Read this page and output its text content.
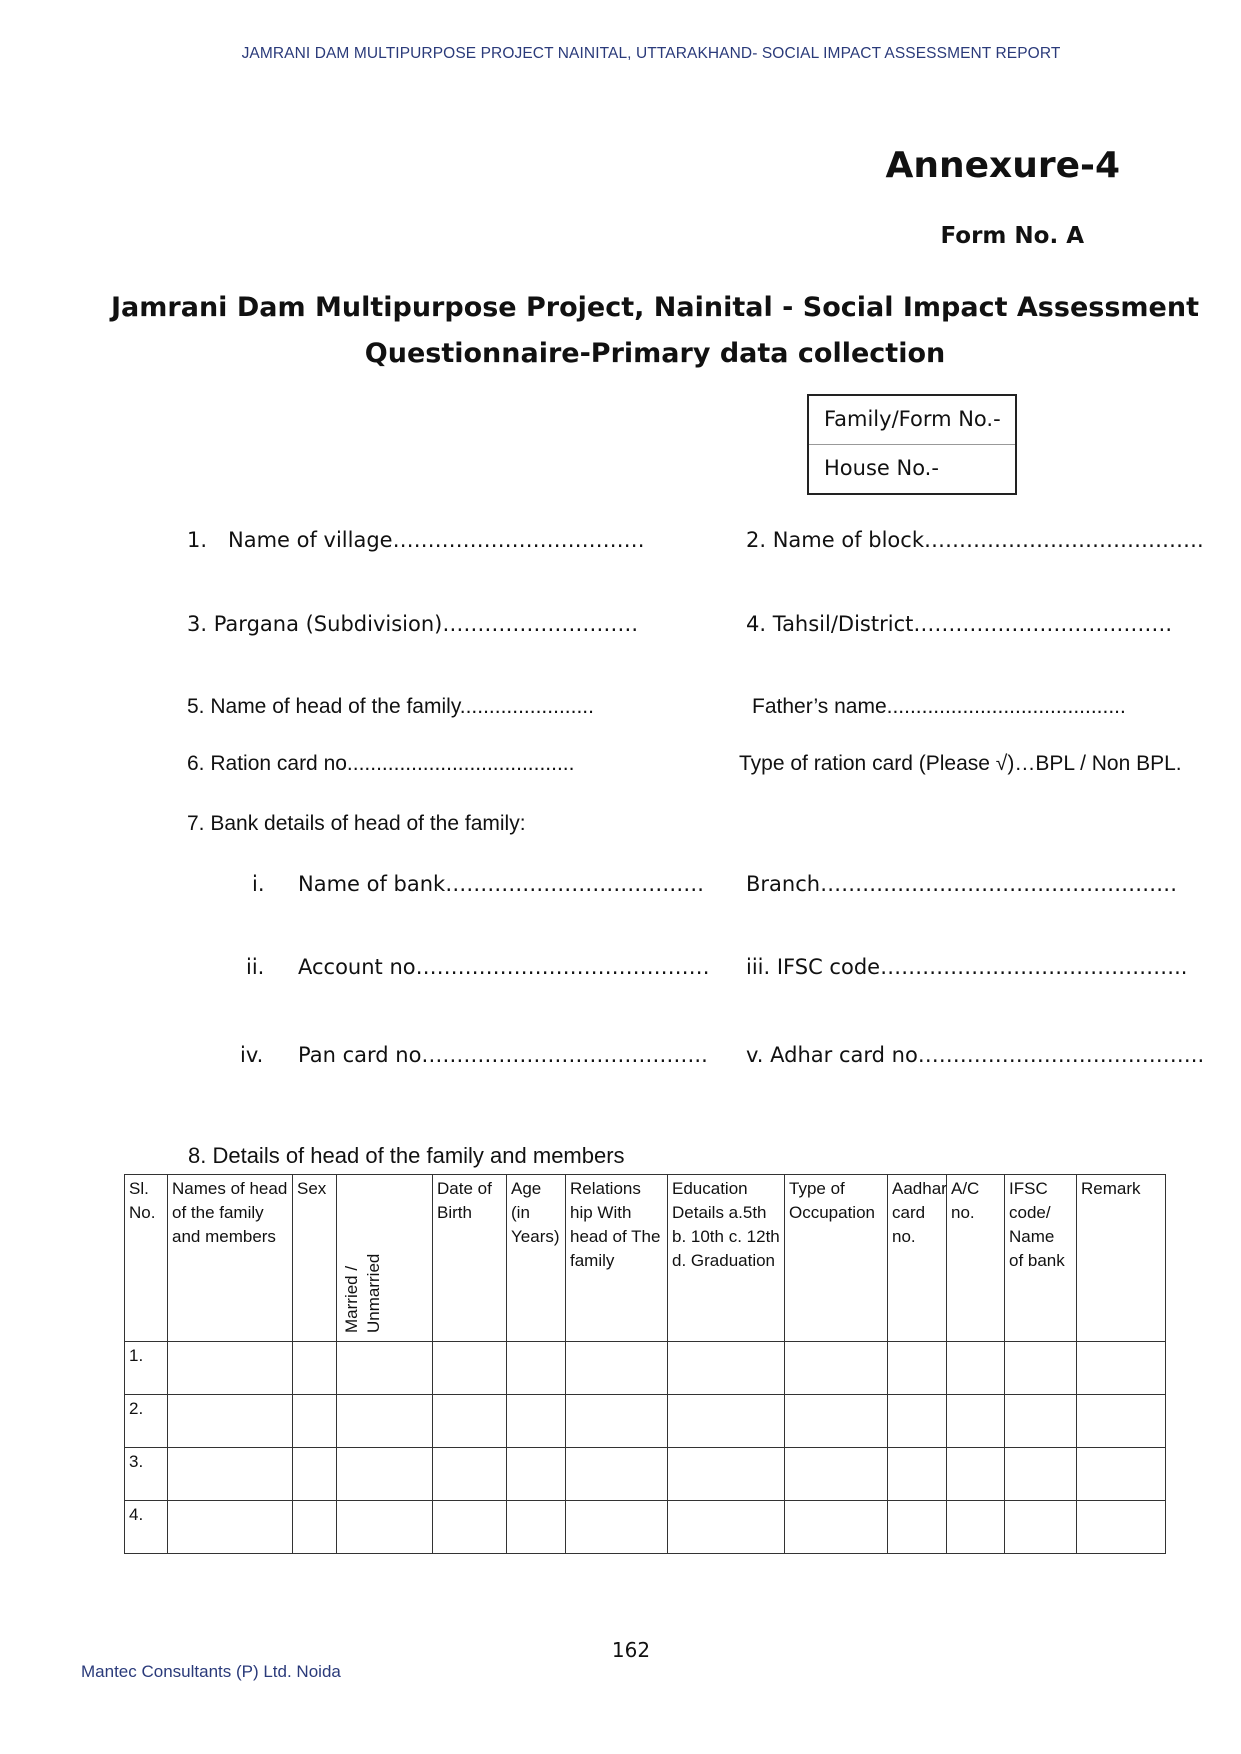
JAMRANI DAM MULTIPURPOSE PROJECT NAINITAL, UTTARAKHAND- SOCIAL IMPACT ASSESSMENT REPORT
Annexure-4
Form No. A
Jamrani Dam Multipurpose Project, Nainital - Social Impact Assessment
Questionnaire-Primary data collection
Family/Form No.-
House No.-
1. Name of village………………………………	2. Name of block………………………………….
3. Pargana (Subdivision)……………………….	4. Tahsil/District……………………………….
5. Name of head of the family.......................	Father’s name.........................................
6. Ration card no.......................................	Type of ration card (Please √)…BPL / Non BPL.
7. Bank details of head of the family:
i. Name of bank………………………………. Branch……………………………………………
ii. Account no…………………………………… iii. IFSC code……………………………………..
iv. Pan card no………………………………….. v. Adhar card no…………………………………..
8. Details of head of the family and members
Sl. No.	Names of head of the family and members	Sex	Married / Unmarried	Date of Birth	Age (in Years)	Relations hip With head of The family	Education Details a.5th b. 10th c. 12th d. Graduation	Type of Occupation	Aadhar card no.	A/C no.	IFSC code/ Name of bank	Remark
1.												
2.												
3.												
4.												
162
Mantec Consultants (P) Ltd. Noida
